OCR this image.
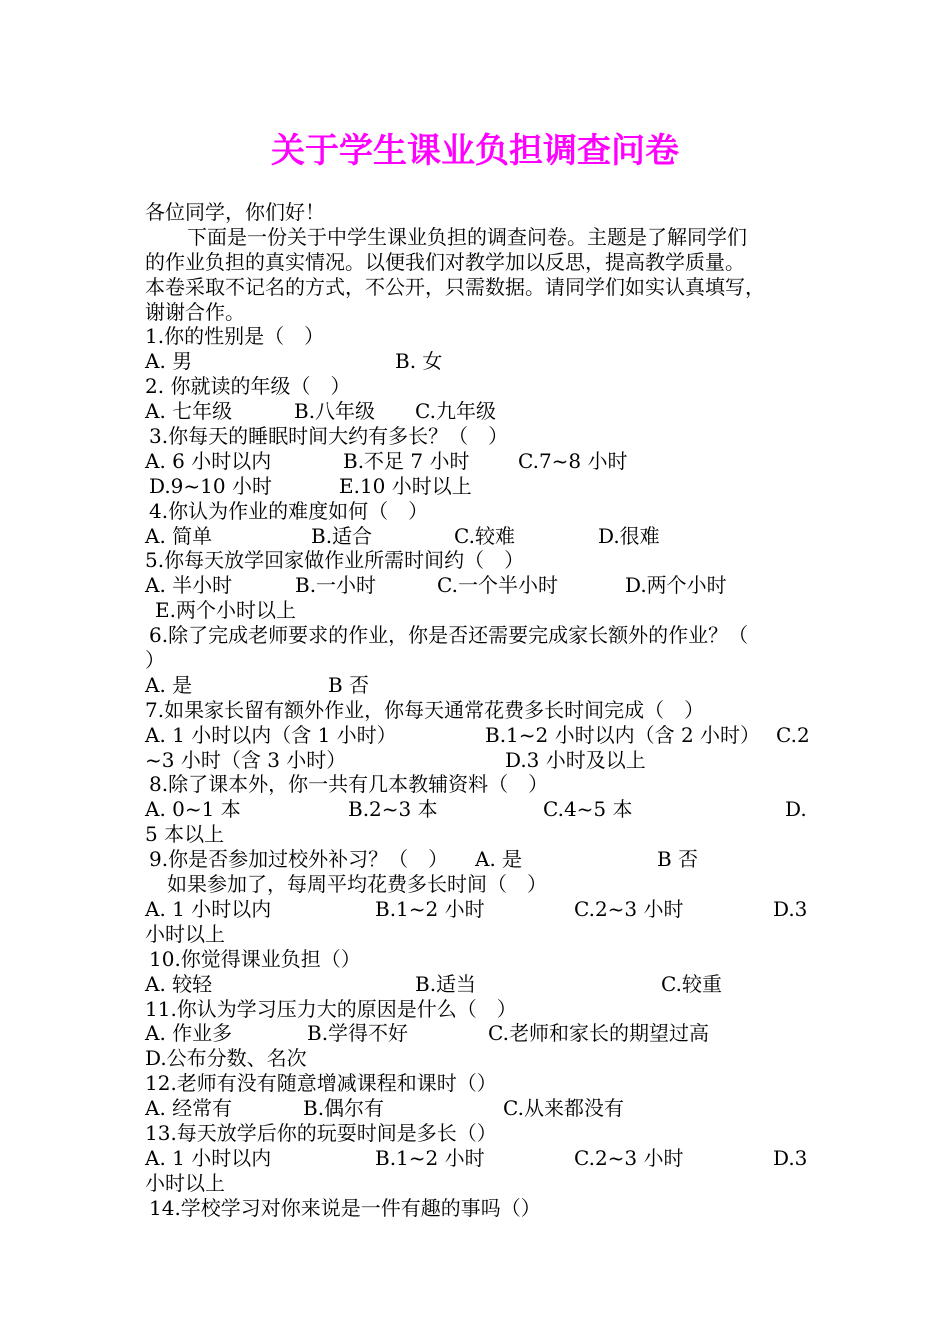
关于学生课业负担调查问卷
各位同学，你们好！
下面是一份关于中学生课业负担的调查问卷。主题是了解同学们
的作业负担的真实情况。以便我们对教学加以反思，提高教学质量。
本卷采取不记名的方式，不公开，只需数据。请同学们如实认真填写，
谢谢合作。
1.你的性别是（　）
A. 男	B. 女
2. 你就读的年级（　）
A. 七年级	B.八年级 C.九年级
3.你每天的睡眠时间大约有多长？（　）
A. 6 小时以内	B.不足 7 小时 C.7~8 小时
D.9~10 小时	E.10 小时以上
4.你认为作业的难度如何（　）
A. 简单	B.适合	C.较难	D.很难
5.你每天放学回家做作业所需时间约（　）
A. 半小时	B.一小时	C.一个半小时	D.两个小时
E.两个小时以上
6.除了完成老师要求的作业，你是否还需要完成家长额外的作业？（
）
A. 是	B 否
7.如果家长留有额外作业，你每天通常花费多长时间完成（　）
A. 1 小时以内（含 1 小时）	B.1~2 小时以内（含 2 小时） C.2
~3 小时（含 3 小时）	D.3 小时及以上
8.除了课本外，你一共有几本教辅资料（　）
A. 0~1 本	B.2~3 本	C.4~5 本	D.
5 本以上
9.你是否参加过校外补习？（　） A. 是	B 否
如果参加了，每周平均花费多长时间（　）
A. 1 小时以内	B.1~2 小时	C.2~3 小时	D.3
小时以上
10.你觉得课业负担（）
A. 较轻	B.适当	C.较重
11.你认为学习压力大的原因是什么（　）
A. 作业多	B.学得不好	C.老师和家长的期望过高
D.公布分数、名次
12.老师有没有随意增减课程和课时（）
A. 经常有	B.偶尔有	C.从来都没有
13.每天放学后你的玩耍时间是多长（）
A. 1 小时以内	B.1~2 小时	C.2~3 小时	D.3
小时以上
14.学校学习对你来说是一件有趣的事吗（）
